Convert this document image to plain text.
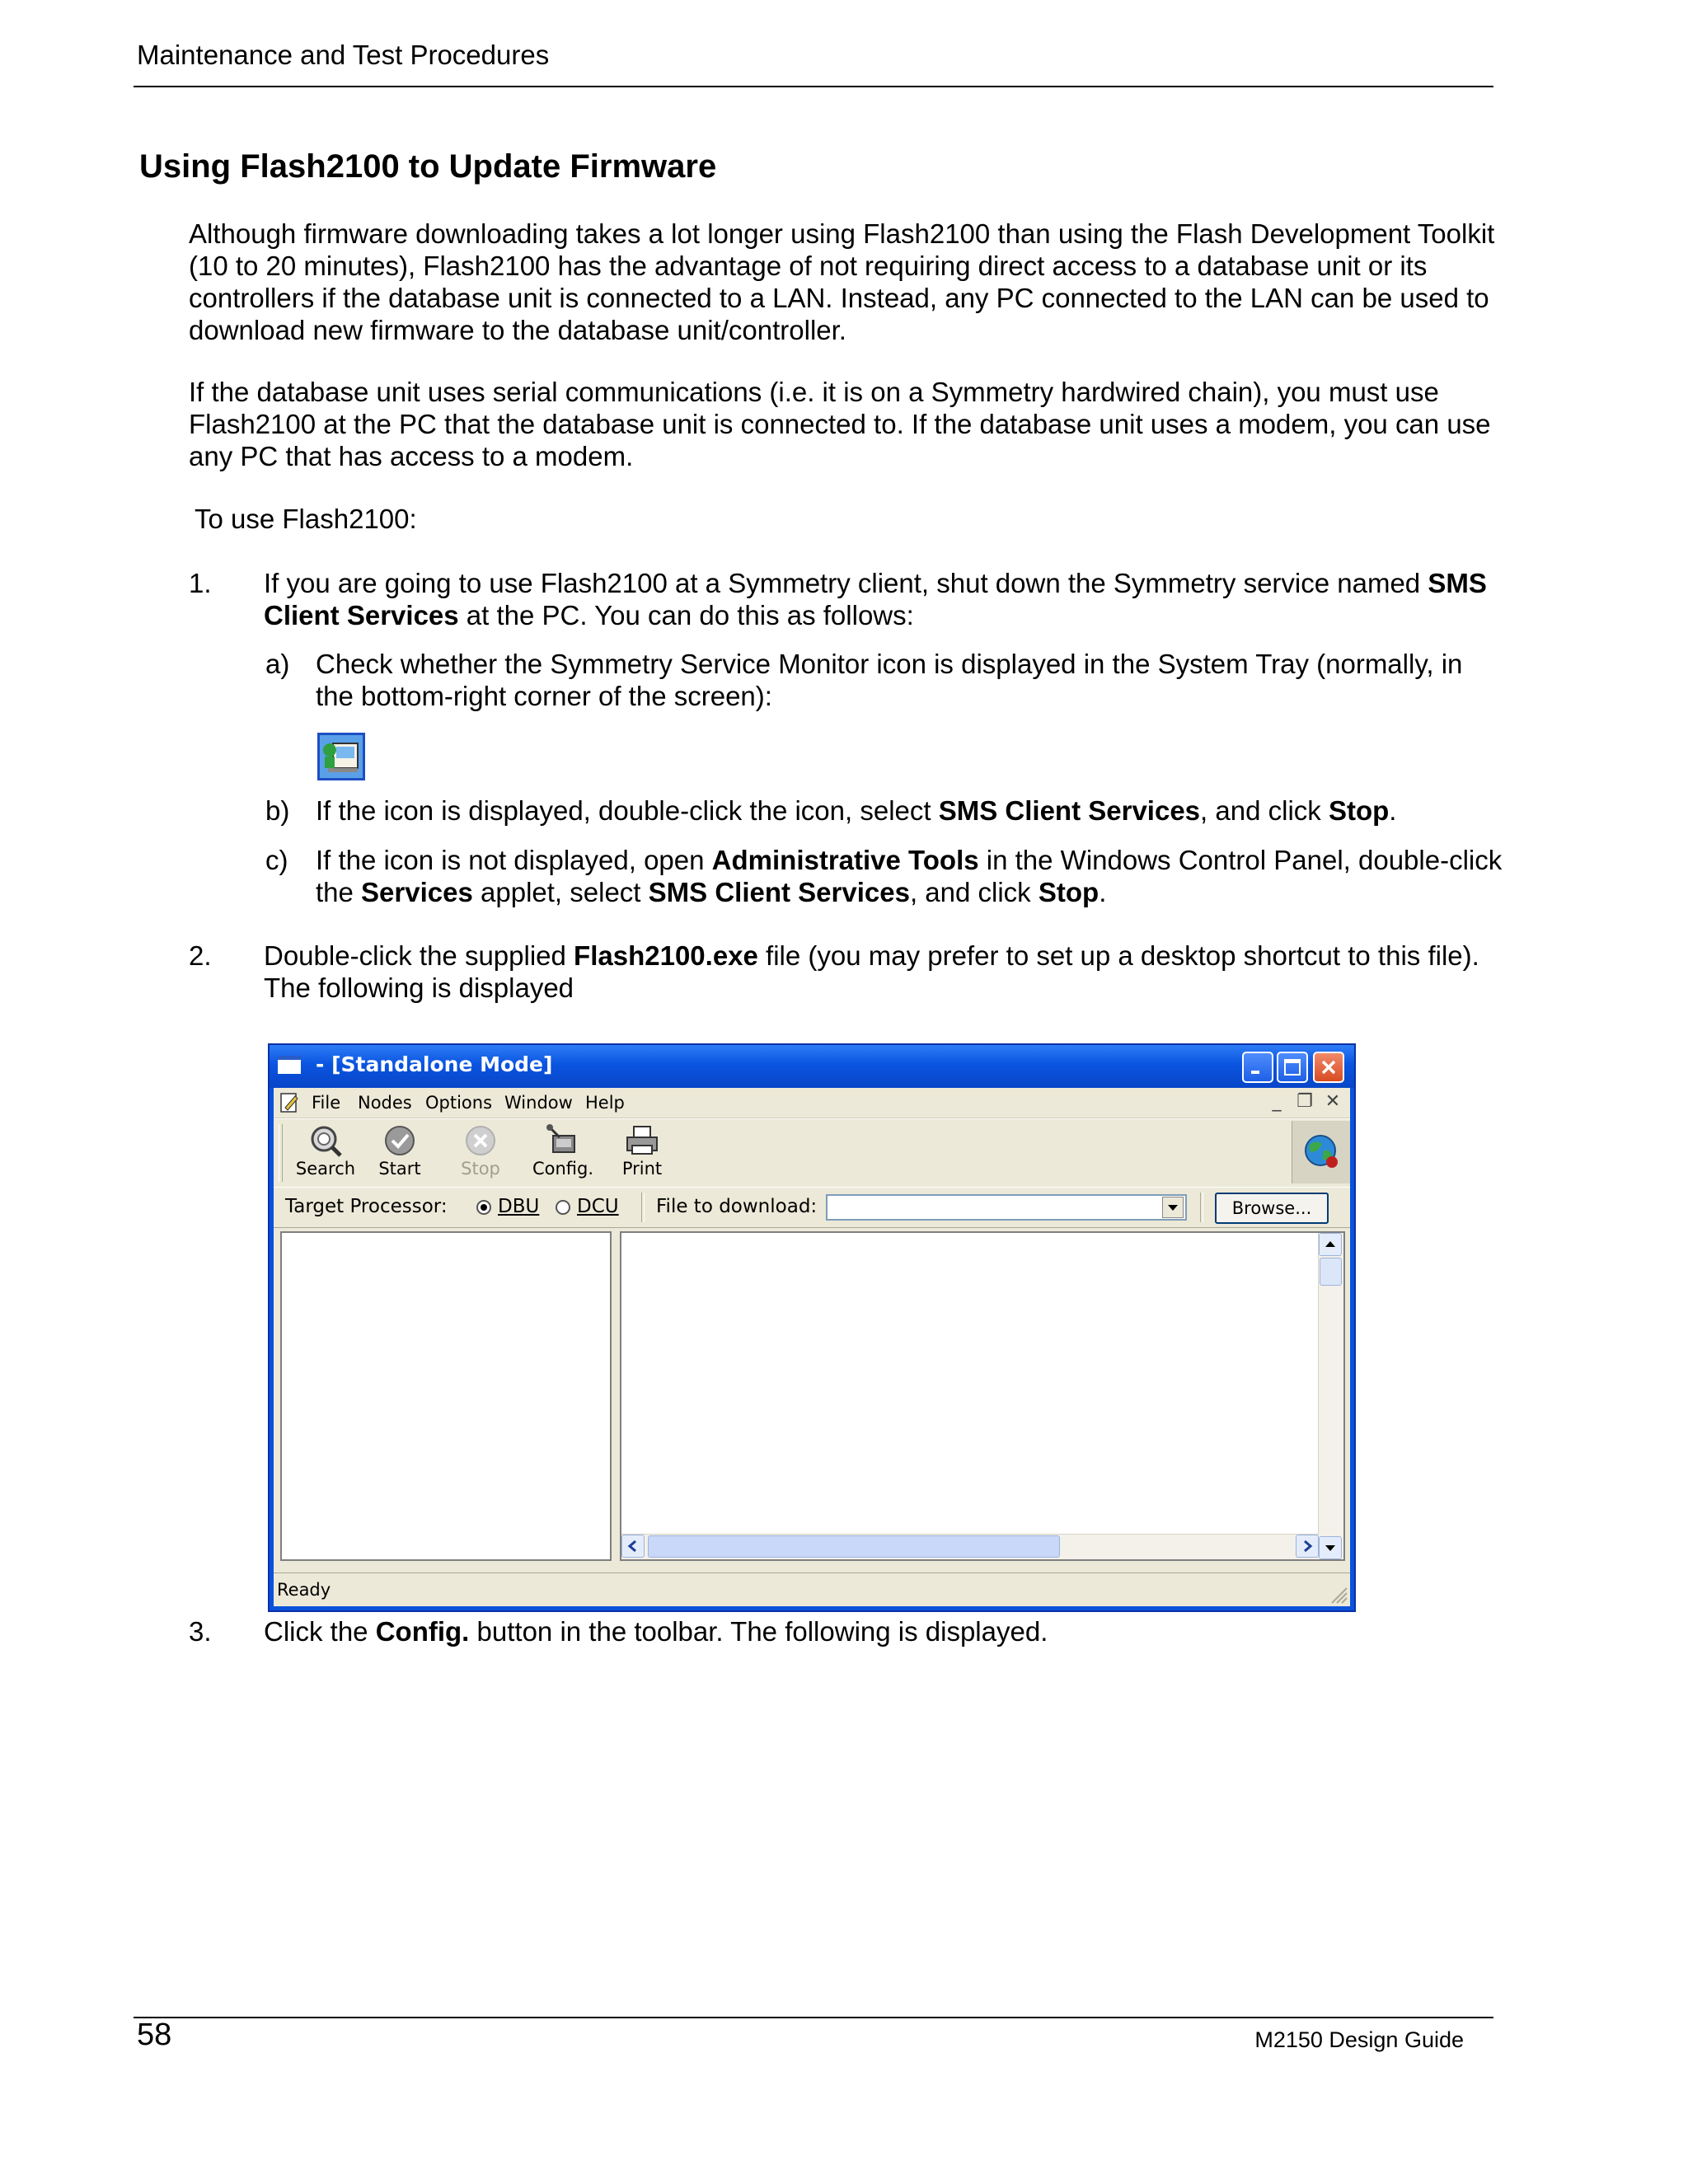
Maintenance and Test Procedures
Using Flash2100 to Update Firmware

Although firmware downloading takes a lot longer using Flash2100 than using the Flash Development Toolkit (10 to 20 minutes), Flash2100 has the advantage of not requiring direct access to a database unit or its controllers if the database unit is connected to a LAN. Instead, any PC connected to the LAN can be used to download new firmware to the database unit/controller.

If the database unit uses serial communications (i.e. it is on a Symmetry hardwired chain), you must use Flash2100 at the PC that the database unit is connected to. If the database unit uses a modem, you can use any PC that has access to a modem.

To use Flash2100:

1. If you are going to use Flash2100 at a Symmetry client, shut down the Symmetry service named SMS Client Services at the PC. You can do this as follows:

a) Check whether the Symmetry Service Monitor icon is displayed in the System Tray (normally, in the bottom-right corner of the screen):

b) If the icon is displayed, double-click the icon, select SMS Client Services, and click Stop.

c) If the icon is not displayed, open Administrative Tools in the Windows Control Panel, double-click the Services applet, select SMS Client Services, and click Stop.

2. Double-click the supplied Flash2100.exe file (you may prefer to set up a desktop shortcut to this file). The following is displayed

- [Standalone Mode]
File Nodes Options Window Help	_ ❐ ✕
Search	Start	Stop	Config.	Print
Target Processor:	DBU DCU File to download:	Browse...
Ready
3. Click the Config. button in the toolbar. The following is displayed.

58	M2150 Design Guide
